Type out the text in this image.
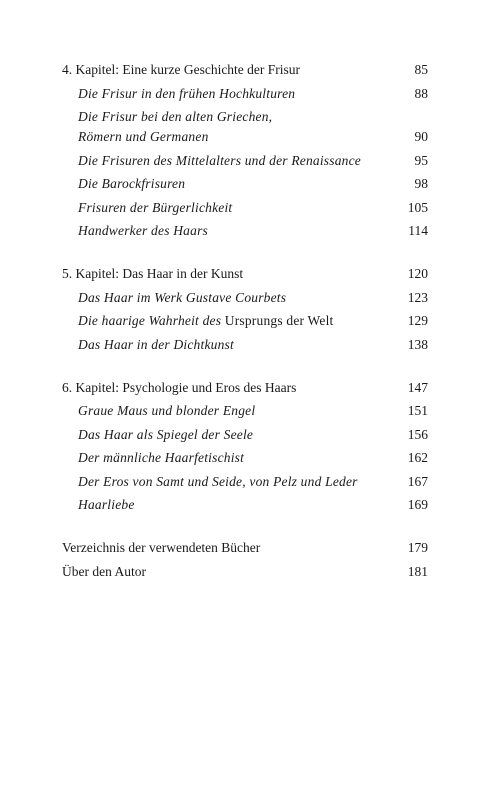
4. Kapitel: Eine kurze Geschichte der Frisur	85
Die Frisur in den frühen Hochkulturen	88
Die Frisur bei den alten Griechen,
Römern und Germanen	90
Die Frisuren des Mittelalters und der Renaissance	95
Die Barockfrisuren	98
Frisuren der Bürgerlichkeit	105
Handwerker des Haars	114
5. Kapitel: Das Haar in der Kunst	120
Das Haar im Werk Gustave Courbets	123
Die haarige Wahrheit des Ursprungs der Welt	129
Das Haar in der Dichtkunst	138
6. Kapitel: Psychologie und Eros des Haars	147
Graue Maus und blonder Engel	151
Das Haar als Spiegel der Seele	156
Der männliche Haarfetischist	162
Der Eros von Samt und Seide, von Pelz und Leder	167
Haarliebe	169
Verzeichnis der verwendeten Bücher	179
Über den Autor	181
